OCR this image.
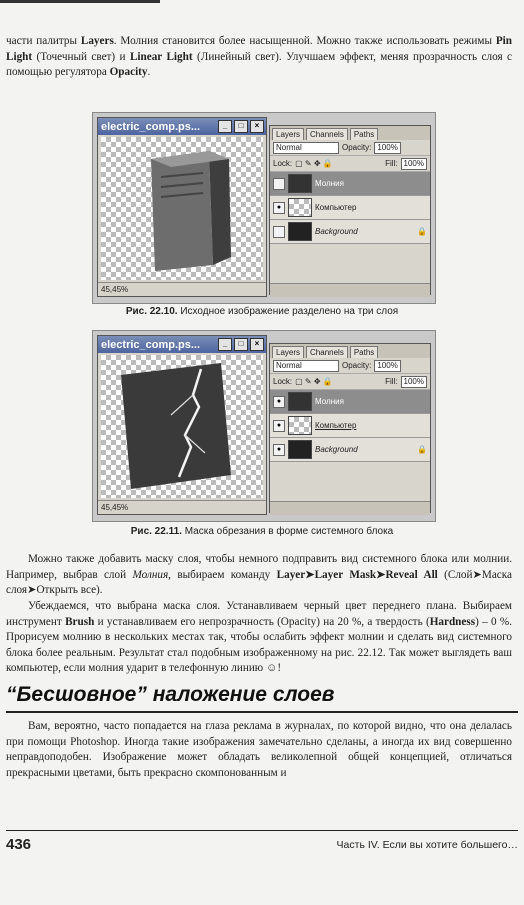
части палитры Layers. Молния становится более насыщенной. Можно также использовать режимы Pin Light (Точечный свет) и Linear Light (Линейный свет). Улучшаем эффект, меняя прозрачность слоя с помощью регулятора Opacity.

electric_comp.ps...	_	□	×
45,45%
Layers	Channels	Paths
Normal	Opacity: 100%
Lock: ▢ ✎ ✥ 🔒	Fill: 100%
Молния
●	Компьютер
Background	🔒
Рис. 22.10. Исходное изображение разделено на три слоя
electric_comp.ps...	_	□	×
45,45%
Layers	Channels	Paths
Normal	Opacity: 100%
Lock: ▢ ✎ ✥ 🔒	Fill: 100%
●	Молния
●	Компьютер
●	Background	🔒
Рис. 22.11. Маска обрезания в форме системного блока

Можно также добавить маску слоя, чтобы немного подправить вид системного блока или молнии. Например, выбрав слой Молния, выбираем команду Layer➤Layer Mask➤Reveal All (Слой➤Маска слоя➤Открыть все).

Убеждаемся, что выбрана маска слоя. Устанавливаем черный цвет переднего плана. Выбираем инструмент Brush и устанавливаем его непрозрачность (Opacity) на 20 %, а твердость (Hardness) – 0 %. Прорисуем молнию в нескольких местах так, чтобы ослабить эффект молнии и сделать вид системного блока более реальным. Результат стал подобным изображенному на рис. 22.12. Так может выглядеть ваш компьютер, если молния ударит в телефонную линию ☺!

“Бесшовное” наложение слоев

Вам, вероятно, часто попадается на глаза реклама в журналах, по которой видно, что она делалась при помощи Photoshop. Иногда такие изображения замечательно сделаны, а иногда их вид совершенно неправдоподобен. Изображение может обладать великолепной общей концепцией, отличаться прекрасными цветами, быть прекрасно скомпонованным и

436	Часть IV. Если вы хотите большего…
